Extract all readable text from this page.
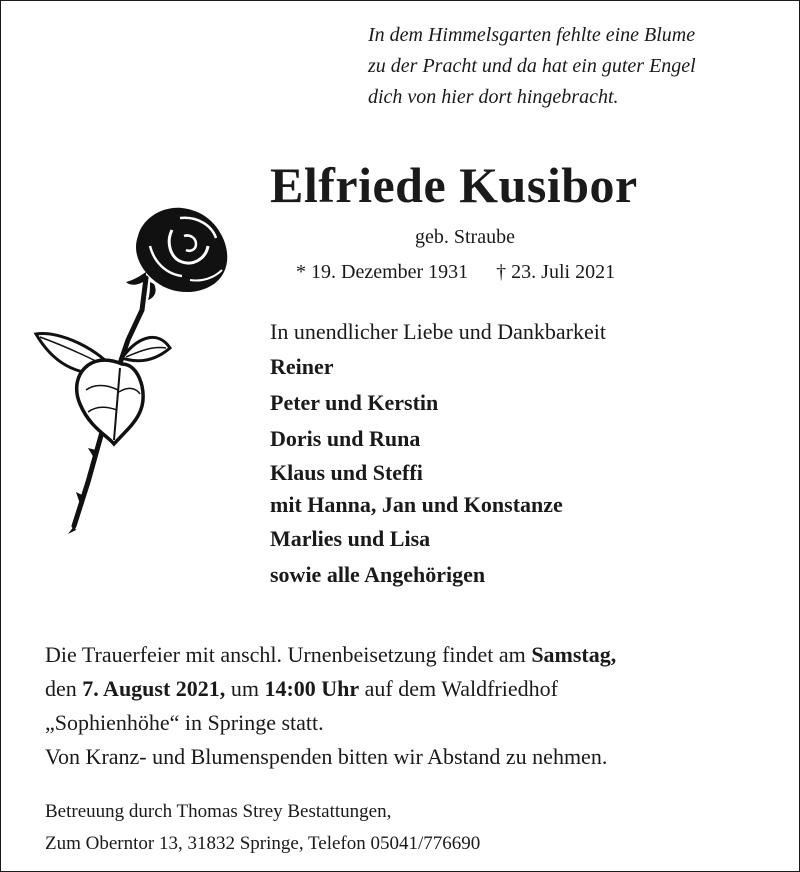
In dem Himmelsgarten fehlte eine Blume
zu der Pracht und da hat ein guter Engel
dich von hier dort hingebracht.
Elfriede Kusibor
geb. Straube
* 19. Dezember 1931 † 23. Juli 2021
In unendlicher Liebe und Dankbarkeit
Reiner
Peter und Kerstin
Doris und Runa
Klaus und Steffi
mit Hanna, Jan und Konstanze
Marlies und Lisa
sowie alle Angehörigen
Die Trauerfeier mit anschl. Urnenbeisetzung findet am Samstag,
den 7. August 2021, um 14:00 Uhr auf dem Waldfriedhof
„Sophienhöhe“ in Springe statt.
Von Kranz- und Blumenspenden bitten wir Abstand zu nehmen.
Betreuung durch Thomas Strey Bestattungen,
Zum Oberntor 13, 31832 Springe, Telefon 05041/776690
